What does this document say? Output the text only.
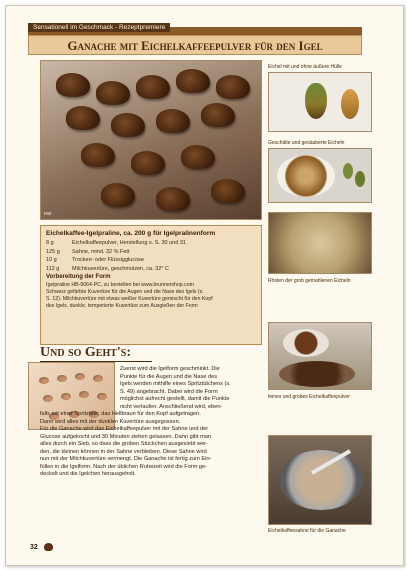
Sensationell im Geschmack - Rezeptpremiere
Ganache mit Eichelkaffeepulver für den Igel
KW
Eichel mit und ohne äußere Hülle
Geschälte und gesäuberte Eicheln
Rösten der grob gemahlenen Eicheln
feines und grobes Eichelkaffeepulver
Eichelkaffeesahne für die Ganache
Eichelkaffee-Igelpraline, ca. 200 g für Igelpralinenform
8 g	Eichelkaffeepulver, Herstellung s. S. 30 und 31
125 g	Sahne, mind. 32 % Fett
10 g	Trocken- oder Flüssigglucose
112 g	Milchkuvertüre, geschmolzen, ca. 32° C
Vorbereitung der Form
Igelpraline HB-9064-PC, zu bestellen bei www.brunnershop.com
Schwarz gefärbte Kuvertüre für die Augen und die Nase des Igels (s.
S. 12). Milchkuvertüre mit etwas weißer Kuvertüre gemischt für den Kopf
des Igels, dunkle, temperierte Kuvertüre zum Ausgießen der Form
Und so Geht's:
Zuerst wird die Igelform geschminkt. Die
Punkte für die Augen und die Nase des
Igels werden mithilfe eines Spritztütchens (s.
S. 49) angebracht. Dabei wird die Form
möglichst aufrecht gestellt, damit die Punkte
nicht verlaufen. Anschließend wird, eben-
falls mit einer Spritztüte, das Hellbraun für den Kopf aufgetragen.
Dann wird alles mit der dunklen Kuvertüre ausgegossen.
Für die Ganache wird das Eichelkaffeepulver mit der Sahne und der
Glucose aufgekocht und 30 Minuten ziehen gelassen. Dann gibt man
alles durch ein Sieb, so dass die groben Stückchen ausgesiebt wer-
den, die kleinen können in der Sahne verbleiben. Diese Sahne wird
nun mit der Milchkuvertüre vermengt. Die Ganache ist fertig zum Ein-
füllen in die Igelform. Nach der üblichen Ruhezeit wird die Form ge-
deckelt und die Igelchen herausgeholt.
32
